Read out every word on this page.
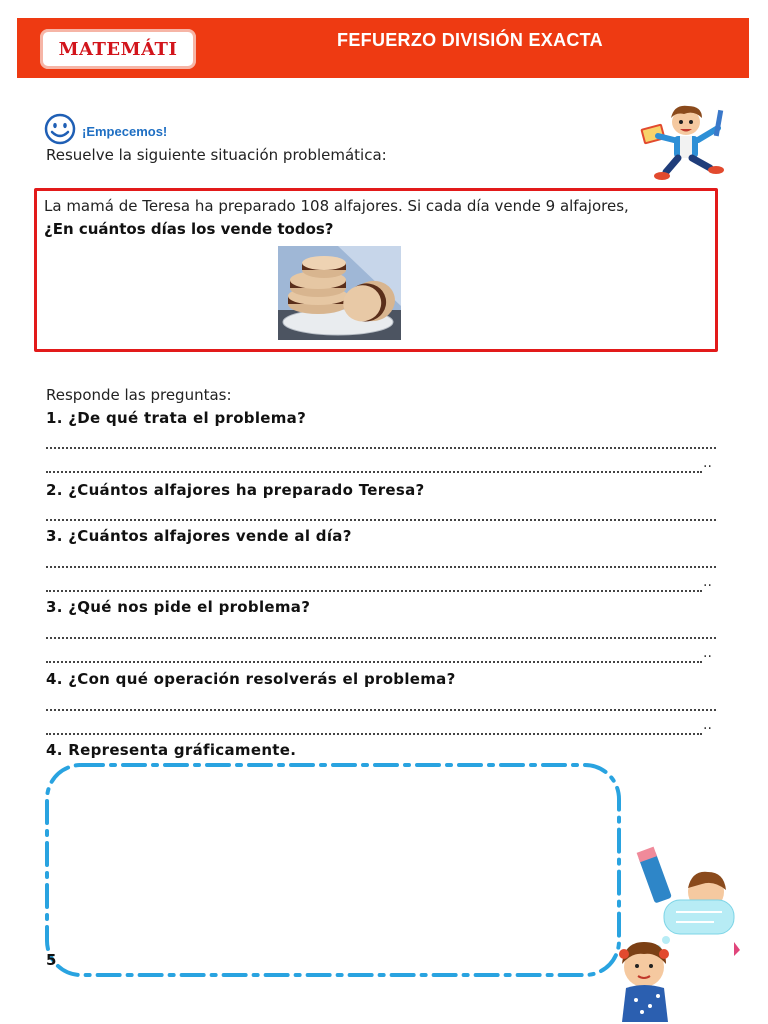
MATEMÁTI	FEFUERZO DIVISIÓN EXACTA
¡Empecemos!
Resuelve la siguiente situación problemática:
La mamá de Teresa ha preparado 108 alfajores. Si cada día vende 9 alfajores,
¿En cuántos días los vende todos?
Responde las preguntas:
1. ¿De qué trata el problema?
..
2. ¿Cuántos alfajores ha preparado Teresa?
3. ¿Cuántos alfajores vende al día?
..
3. ¿Qué nos pide el problema?
..
4. ¿Con qué operación resolverás el problema?
..
4. Representa gráficamente.
5
